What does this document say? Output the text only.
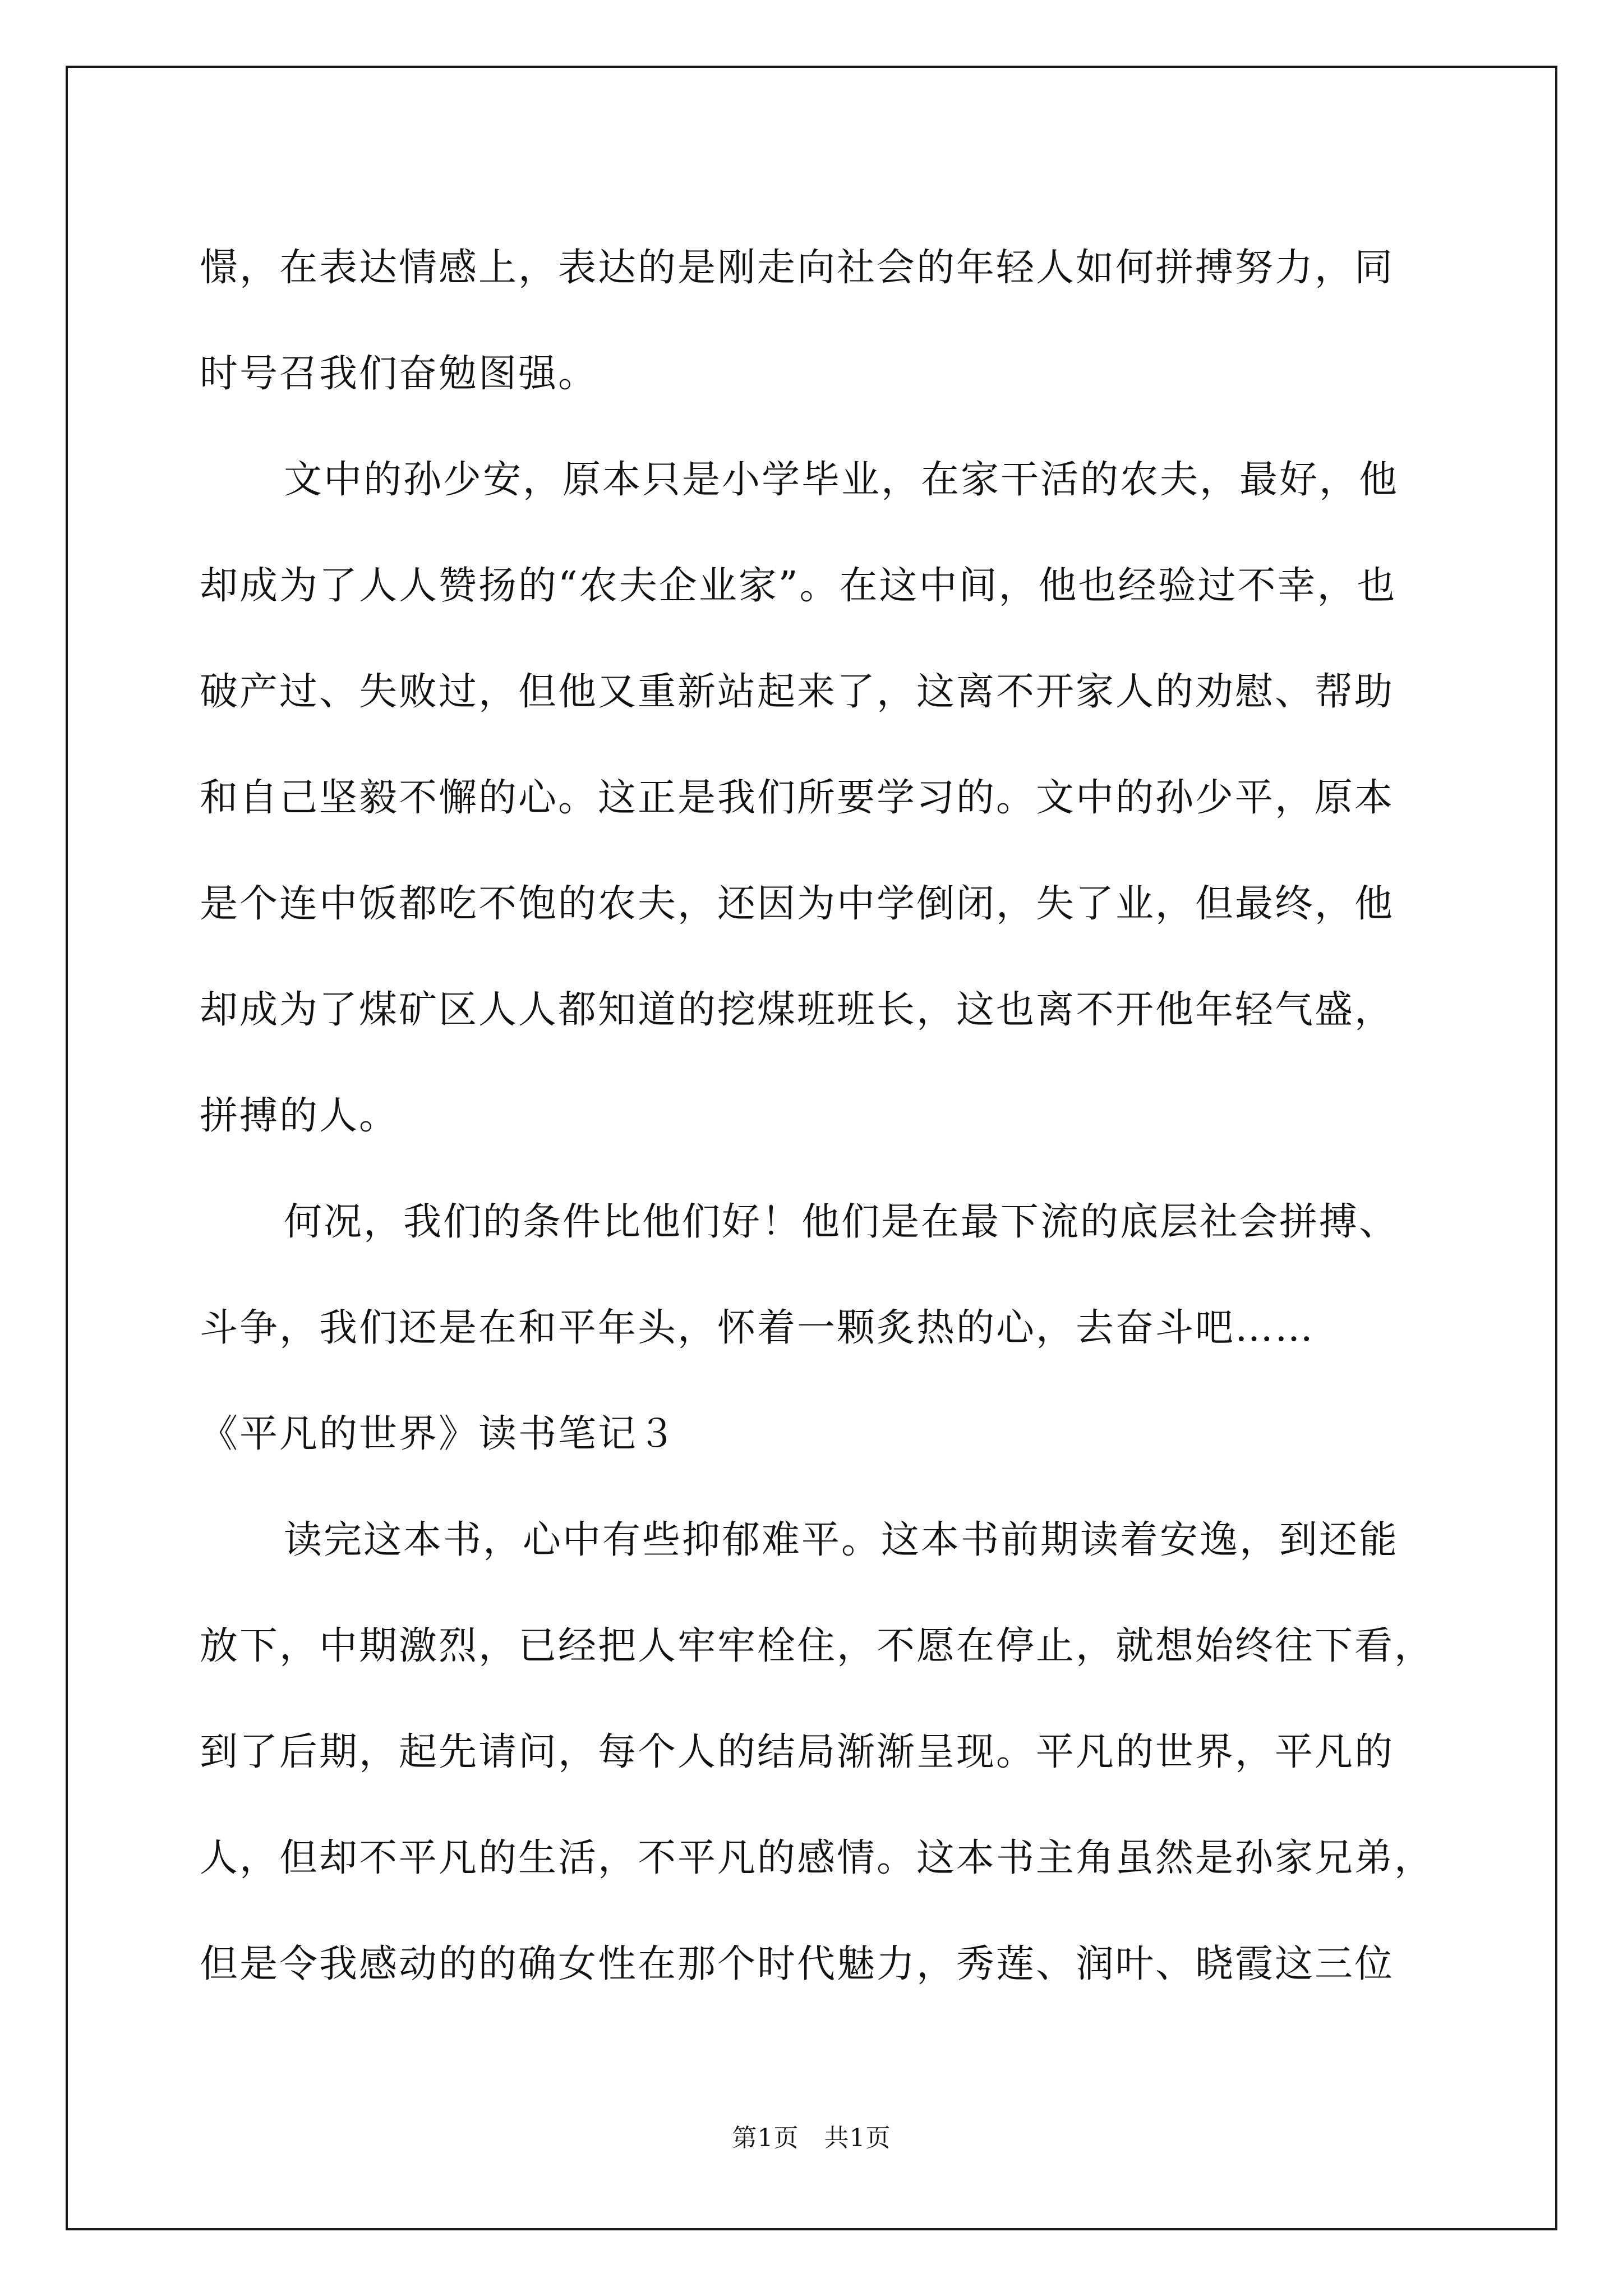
憬，在表达情感上，表达的是刚走向社会的年轻人如何拼搏努力，同
时号召我们奋勉图强。
文中的孙少安，原本只是小学毕业，在家干活的农夫，最好，他
却成为了人人赞扬的“农夫企业家”。在这中间，他也经验过不幸，也
破产过、失败过，但他又重新站起来了，这离不开家人的劝慰、帮助
和自己坚毅不懈的心。这正是我们所要学习的。文中的孙少平，原本
是个连中饭都吃不饱的农夫，还因为中学倒闭，失了业，但最终，他
却成为了煤矿区人人都知道的挖煤班班长，这也离不开他年轻气盛，
拼搏的人。
何况，我们的条件比他们好！他们是在最下流的底层社会拼搏、
斗争，我们还是在和平年头，怀着一颗炙热的心，去奋斗吧……
《平凡的世界》读书笔记３
读完这本书，心中有些抑郁难平。这本书前期读着安逸，到还能
放下，中期激烈，已经把人牢牢栓住，不愿在停止，就想始终往下看，
到了后期，起先请问，每个人的结局渐渐呈现。平凡的世界，平凡的
人，但却不平凡的生活，不平凡的感情。这本书主角虽然是孙家兄弟，
但是令我感动的的确女性在那个时代魅力，秀莲、润叶、晓霞这三位
第1页　共1页
